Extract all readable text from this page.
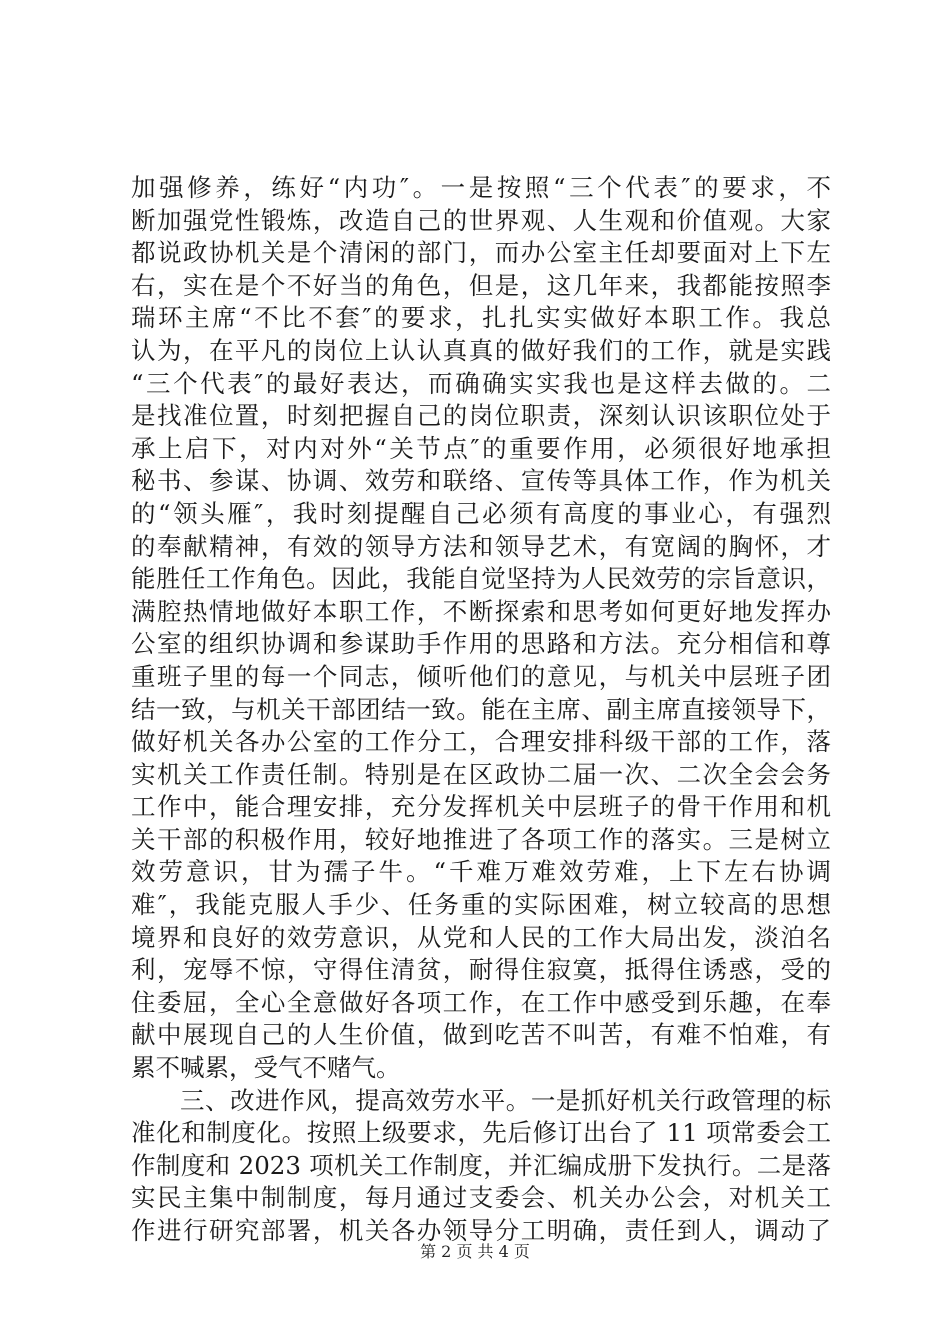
加强修养，练好“内功″。一是按照“三个代表″的要求，不
断加强党性锻炼，改造自己的世界观、人生观和价值观。大家
都说政协机关是个清闲的部门，而办公室主任却要面对上下左
右，实在是个不好当的角色，但是，这几年来，我都能按照李
瑞环主席“不比不套″的要求，扎扎实实做好本职工作。我总
认为，在平凡的岗位上认认真真的做好我们的工作，就是实践
“三个代表″的最好表达，而确确实实我也是这样去做的。二
是找准位置，时刻把握自己的岗位职责，深刻认识该职位处于
承上启下，对内对外“关节点″的重要作用，必须很好地承担
秘书、参谋、协调、效劳和联络、宣传等具体工作，作为机关
的“领头雁″，我时刻提醒自己必须有高度的事业心，有强烈
的奉献精神，有效的领导方法和领导艺术，有宽阔的胸怀，才
能胜任工作角色。因此，我能自觉坚持为人民效劳的宗旨意识，
满腔热情地做好本职工作，不断探索和思考如何更好地发挥办
公室的组织协调和参谋助手作用的思路和方法。充分相信和尊
重班子里的每一个同志，倾听他们的意见，与机关中层班子团
结一致，与机关干部团结一致。能在主席、副主席直接领导下，
做好机关各办公室的工作分工，合理安排科级干部的工作，落
实机关工作责任制。特别是在区政协二届一次、二次全会会务
工作中，能合理安排，充分发挥机关中层班子的骨干作用和机
关干部的积极作用，较好地推进了各项工作的落实。三是树立
效劳意识，甘为孺子牛。“千难万难效劳难，上下左右协调
难″，我能克服人手少、任务重的实际困难，树立较高的思想
境界和良好的效劳意识，从党和人民的工作大局出发，淡泊名
利，宠辱不惊，守得住清贫，耐得住寂寞，抵得住诱惑，受的
住委屈，全心全意做好各项工作，在工作中感受到乐趣，在奉
献中展现自己的人生价值，做到吃苦不叫苦，有难不怕难，有
累不喊累，受气不赌气。
三、改进作风，提高效劳水平。一是抓好机关行政管理的标
准化和制度化。按照上级要求，先后修订出台了 11 项常委会工
作制度和 2023 项机关工作制度，并汇编成册下发执行。二是落
实民主集中制制度，每月通过支委会、机关办公会，对机关工
作进行研究部署，机关各办领导分工明确，责任到人，调动了
第 2 页 共 4 页
